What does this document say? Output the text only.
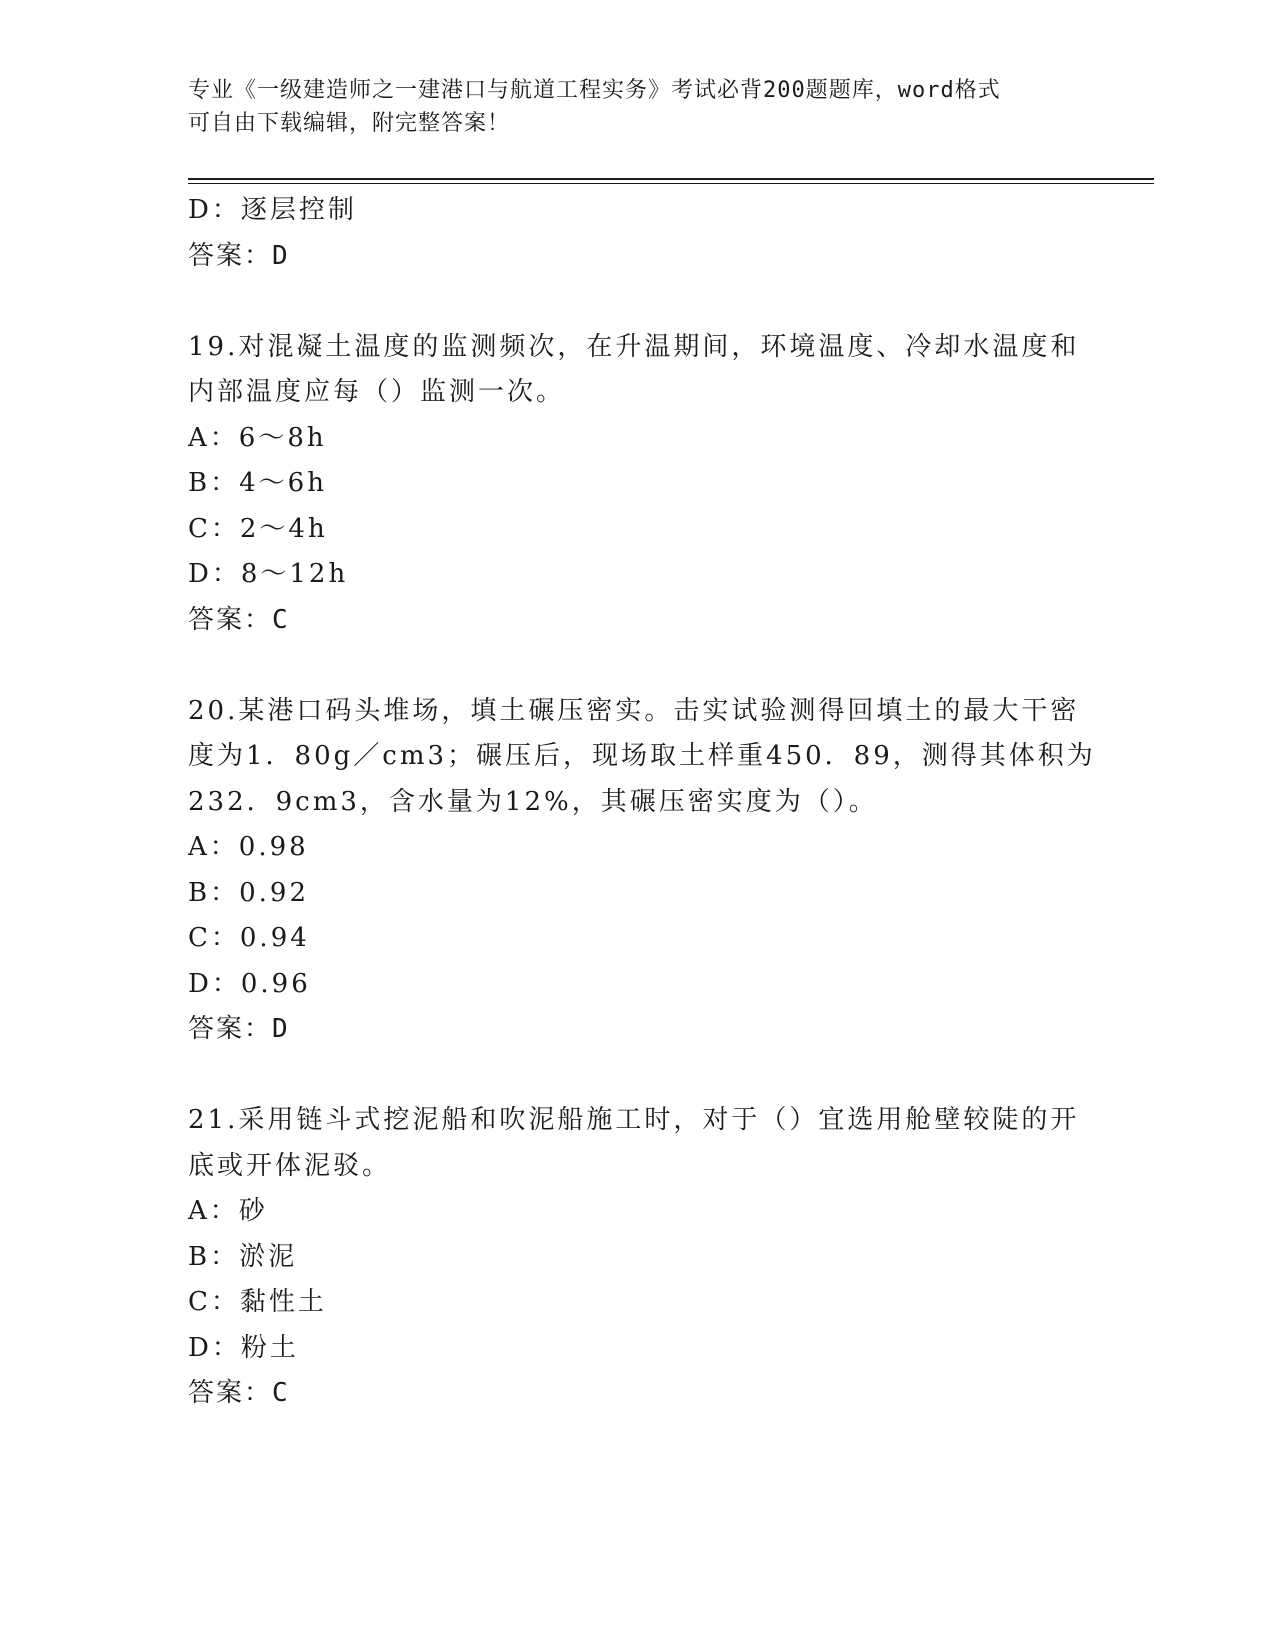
专业《一级建造师之一建港口与航道工程实务》考试必背200题题库，word格式
可自由下载编辑，附完整答案！
D：逐层控制
答案：D
19.对混凝土温度的监测频次，在升温期间，环境温度、冷却水温度和
内部温度应每（）监测一次。
A：6～8h
B：4～6h
C：2～4h
D：8～12h
答案：C
20.某港口码头堆场，填土碾压密实。击实试验测得回填土的最大干密
度为1．80g／cm3；碾压后，现场取土样重450．89，测得其体积为
232．9cm3，含水量为12%，其碾压密实度为（）。
A：0.98
B：0.92
C：0.94
D：0.96
答案：D
21.采用链斗式挖泥船和吹泥船施工时，对于（）宜选用舱壁较陡的开
底或开体泥驳。
A：砂
B：淤泥
C：黏性土
D：粉土
答案：C
